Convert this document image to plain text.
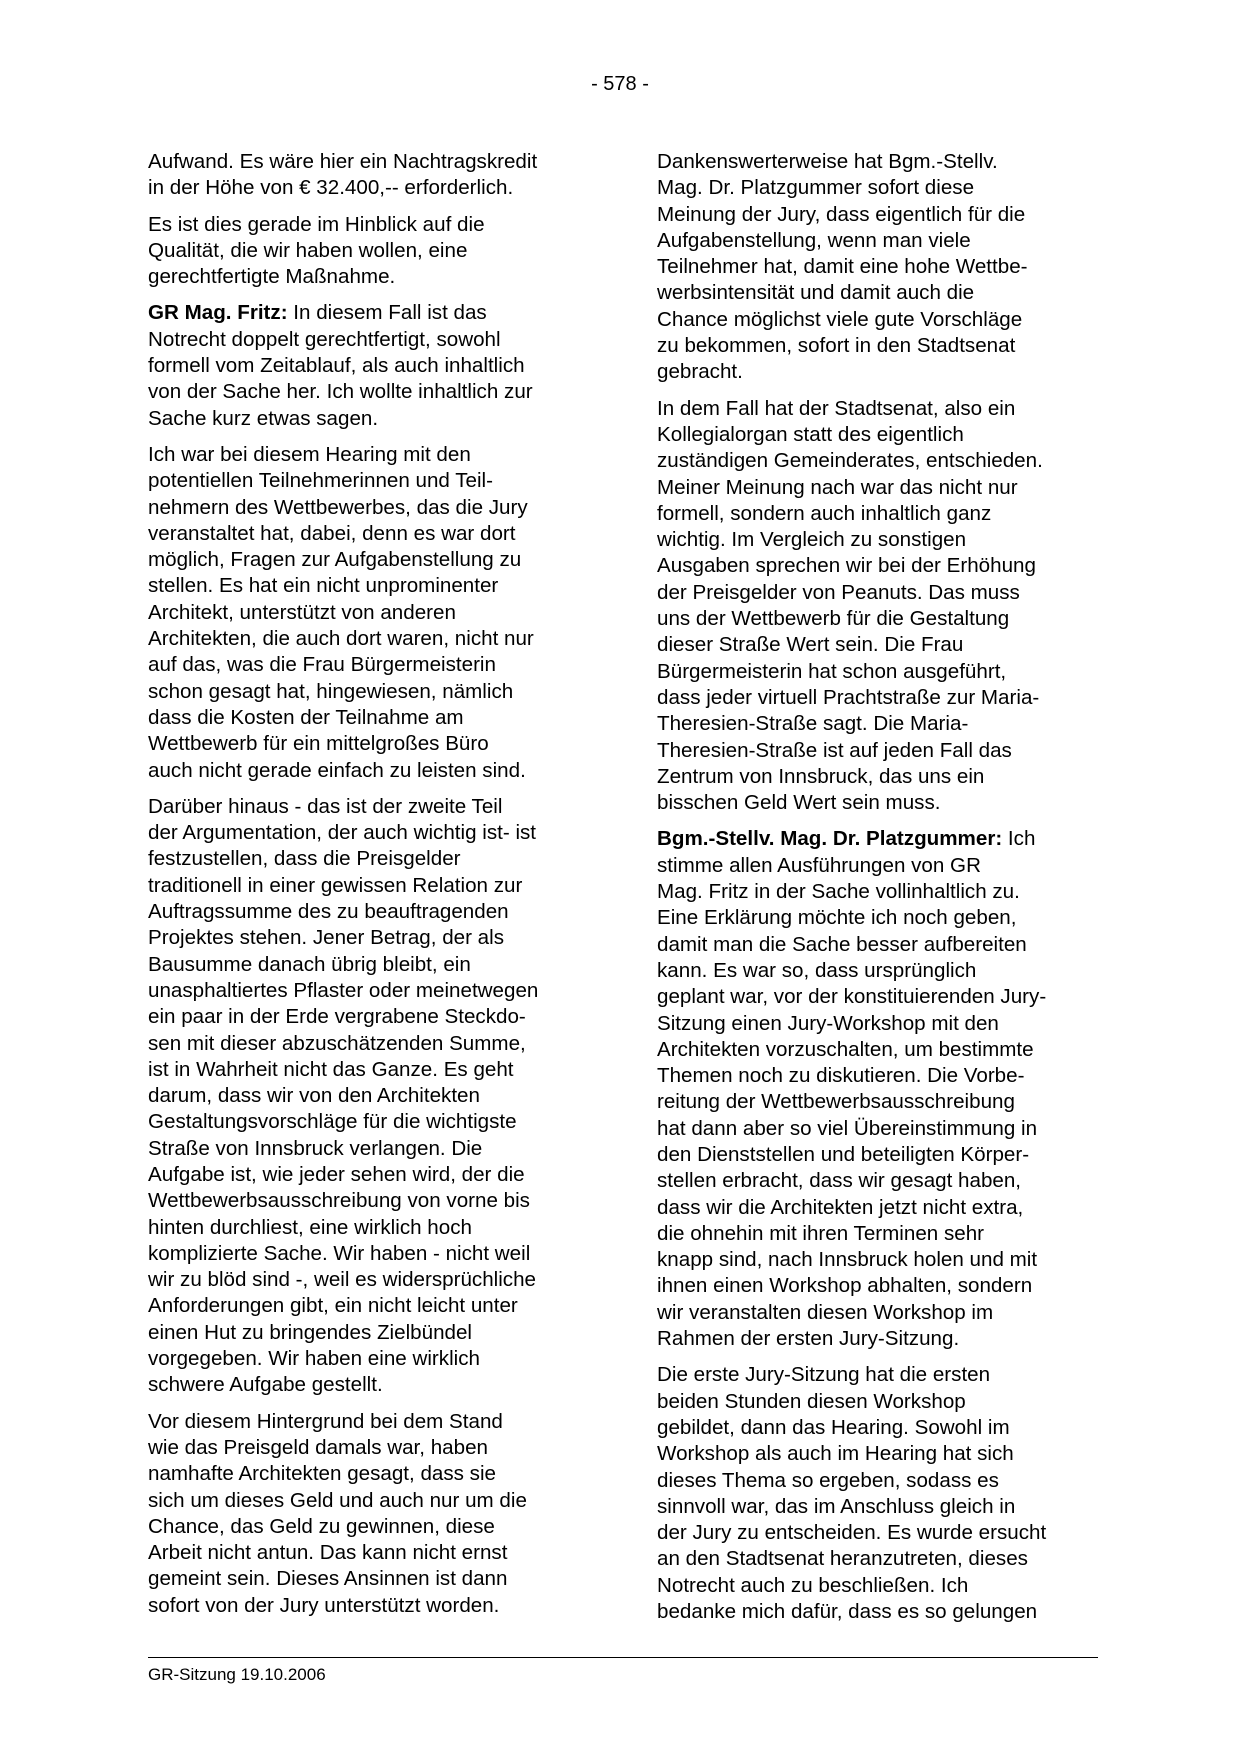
- 578 -

Aufwand. Es wäre hier ein Nachtragskredit
in der Höhe von € 32.400,-- erforderlich.

Es ist dies gerade im Hinblick auf die
Qualität, die wir haben wollen, eine
gerechtfertigte Maßnahme.

GR Mag. Fritz: In diesem Fall ist das
Notrecht doppelt gerechtfertigt, sowohl
formell vom Zeitablauf, als auch inhaltlich
von der Sache her. Ich wollte inhaltlich zur
Sache kurz etwas sagen.

Ich war bei diesem Hearing mit den
potentiellen Teilnehmerinnen und Teil-
nehmern des Wettbewerbes, das die Jury
veranstaltet hat, dabei, denn es war dort
möglich, Fragen zur Aufgabenstellung zu
stellen. Es hat ein nicht unprominenter
Architekt, unterstützt von anderen
Architekten, die auch dort waren, nicht nur
auf das, was die Frau Bürgermeisterin
schon gesagt hat, hingewiesen, nämlich
dass die Kosten der Teilnahme am
Wettbewerb für ein mittelgroßes Büro
auch nicht gerade einfach zu leisten sind.

Darüber hinaus - das ist der zweite Teil
der Argumentation, der auch wichtig ist- ist
festzustellen, dass die Preisgelder
traditionell in einer gewissen Relation zur
Auftragssumme des zu beauftragenden
Projektes stehen. Jener Betrag, der als
Bausumme danach übrig bleibt, ein
unasphaltiertes Pflaster oder meinetwegen
ein paar in der Erde vergrabene Steckdo-
sen mit dieser abzuschätzenden Summe,
ist in Wahrheit nicht das Ganze. Es geht
darum, dass wir von den Architekten
Gestaltungsvorschläge für die wichtigste
Straße von Innsbruck verlangen. Die
Aufgabe ist, wie jeder sehen wird, der die
Wettbewerbsausschreibung von vorne bis
hinten durchliest, eine wirklich hoch
komplizierte Sache. Wir haben - nicht weil
wir zu blöd sind -, weil es widersprüchliche
Anforderungen gibt, ein nicht leicht unter
einen Hut zu bringendes Zielbündel
vorgegeben. Wir haben eine wirklich
schwere Aufgabe gestellt.

Vor diesem Hintergrund bei dem Stand
wie das Preisgeld damals war, haben
namhafte Architekten gesagt, dass sie
sich um dieses Geld und auch nur um die
Chance, das Geld zu gewinnen, diese
Arbeit nicht antun. Das kann nicht ernst
gemeint sein. Dieses Ansinnen ist dann
sofort von der Jury unterstützt worden.

Dankenswerterweise hat Bgm.-Stellv.
Mag. Dr. Platzgummer sofort diese
Meinung der Jury, dass eigentlich für die
Aufgabenstellung, wenn man viele
Teilnehmer hat, damit eine hohe Wettbe-
werbsintensität und damit auch die
Chance möglichst viele gute Vorschläge
zu bekommen, sofort in den Stadtsenat
gebracht.

In dem Fall hat der Stadtsenat, also ein
Kollegialorgan statt des eigentlich
zuständigen Gemeinderates, entschieden.
Meiner Meinung nach war das nicht nur
formell, sondern auch inhaltlich ganz
wichtig. Im Vergleich zu sonstigen
Ausgaben sprechen wir bei der Erhöhung
der Preisgelder von Peanuts. Das muss
uns der Wettbewerb für die Gestaltung
dieser Straße Wert sein. Die Frau
Bürgermeisterin hat schon ausgeführt,
dass jeder virtuell Prachtstraße zur Maria-
Theresien-Straße sagt. Die Maria-
Theresien-Straße ist auf jeden Fall das
Zentrum von Innsbruck, das uns ein
bisschen Geld Wert sein muss.

Bgm.-Stellv. Mag. Dr. Platzgummer: Ich
stimme allen Ausführungen von GR
Mag. Fritz in der Sache vollinhaltlich zu.
Eine Erklärung möchte ich noch geben,
damit man die Sache besser aufbereiten
kann. Es war so, dass ursprünglich
geplant war, vor der konstituierenden Jury-
Sitzung einen Jury-Workshop mit den
Architekten vorzuschalten, um bestimmte
Themen noch zu diskutieren. Die Vorbe-
reitung der Wettbewerbsausschreibung
hat dann aber so viel Übereinstimmung in
den Dienststellen und beteiligten Körper-
stellen erbracht, dass wir gesagt haben,
dass wir die Architekten jetzt nicht extra,
die ohnehin mit ihren Terminen sehr
knapp sind, nach Innsbruck holen und mit
ihnen einen Workshop abhalten, sondern
wir veranstalten diesen Workshop im
Rahmen der ersten Jury-Sitzung.

Die erste Jury-Sitzung hat die ersten
beiden Stunden diesen Workshop
gebildet, dann das Hearing. Sowohl im
Workshop als auch im Hearing hat sich
dieses Thema so ergeben, sodass es
sinnvoll war, das im Anschluss gleich in
der Jury zu entscheiden. Es wurde ersucht
an den Stadtsenat heranzutreten, dieses
Notrecht auch zu beschließen. Ich
bedanke mich dafür, dass es so gelungen

GR-Sitzung 19.10.2006
